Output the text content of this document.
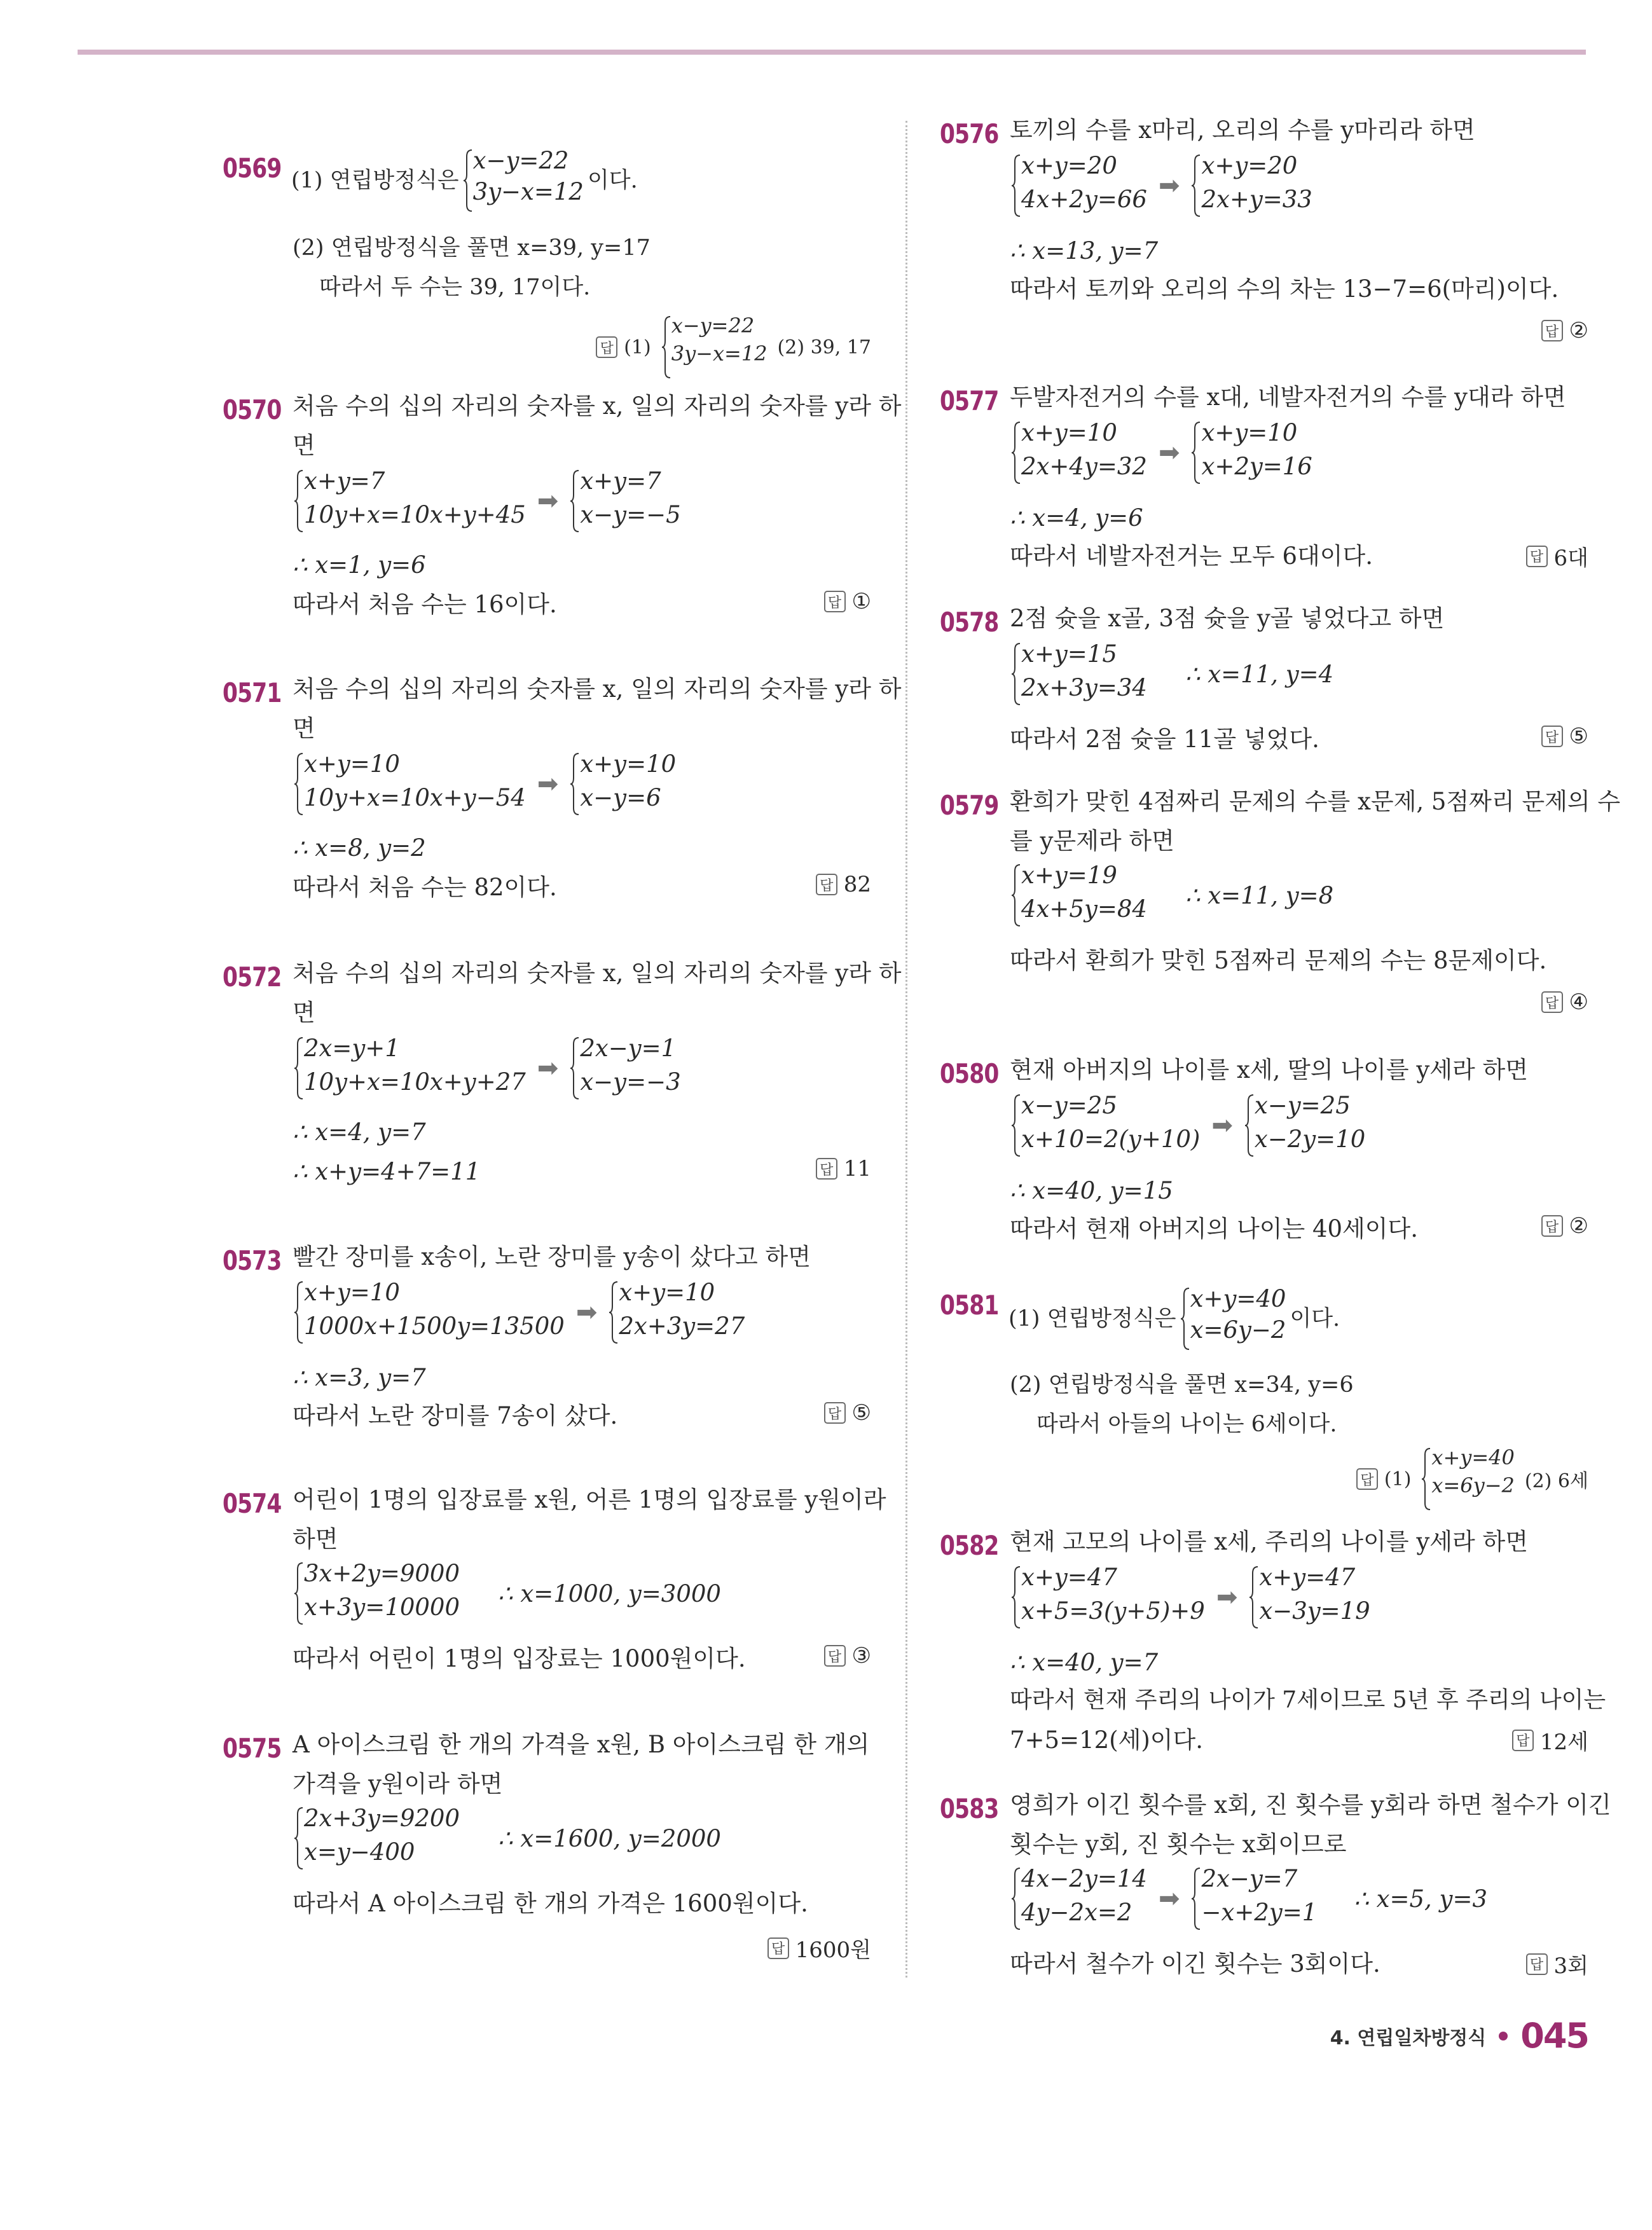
0569 (1) 연립방정식은
x−y=22
3y−x=12 이다.
(2) 연립방정식을 풀면 x=39, y=17
따라서 두 수는 39, 17이다.
답 (1)
x−y=22
3y−x=12 (2) 39, 17
0570 처음 수의 십의 자리의 숫자를 x, 일의 자리의 숫자를 y라 하
면
x+y=7
10y+x=10x+y+45 ➡
x+y=7
x−y=−5
∴ x=1, y=6
따라서 처음 수는 16이다.	답 ①
0571 처음 수의 십의 자리의 숫자를 x, 일의 자리의 숫자를 y라 하
면
x+y=10
10y+x=10x+y−54 ➡
x+y=10
x−y=6
∴ x=8, y=2
따라서 처음 수는 82이다.	답 82
0572 처음 수의 십의 자리의 숫자를 x, 일의 자리의 숫자를 y라 하
면
2x=y+1
10y+x=10x+y+27 ➡
2x−y=1
x−y=−3
∴ x=4, y=7
∴ x+y=4+7=11	답 11
0573 빨간 장미를 x송이, 노란 장미를 y송이 샀다고 하면
x+y=10
1000x+1500y=13500 ➡
x+y=10
2x+3y=27
∴ x=3, y=7
따라서 노란 장미를 7송이 샀다.	답 ⑤
0574 어린이 1명의 입장료를 x원, 어른 1명의 입장료를 y원이라
하면
3x+2y=9000
x+3y=10000 ∴ x=1000, y=3000
따라서 어린이 1명의 입장료는 1000원이다.	답 ③
0575 A 아이스크림 한 개의 가격을 x원, B 아이스크림 한 개의
가격을 y원이라 하면
2x+3y=9200
x=y−400	∴ x=1600, y=2000
따라서 A 아이스크림 한 개의 가격은 1600원이다.
답 1600원
0576 토끼의 수를 x마리, 오리의 수를 y마리라 하면
x+y=20
4x+2y=66 ➡
x+y=20
2x+y=33
∴ x=13, y=7
따라서 토끼와 오리의 수의 차는 13−7=6(마리)이다.
답 ②
0577 두발자전거의 수를 x대, 네발자전거의 수를 y대라 하면
x+y=10
2x+4y=32 ➡
x+y=10
x+2y=16
∴ x=4, y=6
따라서 네발자전거는 모두 6대이다.	답 6대
0578 2점 슛을 x골, 3점 슛을 y골 넣었다고 하면
x+y=15
2x+3y=34 ∴ x=11, y=4
따라서 2점 슛을 11골 넣었다.	답 ⑤
0579 환희가 맞힌 4점짜리 문제의 수를 x문제, 5점짜리 문제의 수
를 y문제라 하면
x+y=19
4x+5y=84 ∴ x=11, y=8
따라서 환희가 맞힌 5점짜리 문제의 수는 8문제이다.
답 ④
0580 현재 아버지의 나이를 x세, 딸의 나이를 y세라 하면
x−y=25
x+10=2(y+10) ➡
x−y=25
x−2y=10
∴ x=40, y=15
따라서 현재 아버지의 나이는 40세이다.	답 ②
0581 (1) 연립방정식은
x+y=40
x=6y−2 이다.
(2) 연립방정식을 풀면 x=34, y=6
따라서 아들의 나이는 6세이다.
답 (1)
x+y=40
x=6y−2 (2) 6세
0582 현재 고모의 나이를 x세, 주리의 나이를 y세라 하면
x+y=47
x+5=3(y+5)+9 ➡
x+y=47
x−3y=19
∴ x=40, y=7
따라서 현재 주리의 나이가 7세이므로 5년 후 주리의 나이는
7+5=12(세)이다.	답 12세
0583 영희가 이긴 횟수를 x회, 진 횟수를 y회라 하면 철수가 이긴
횟수는 y회, 진 횟수는 x회이므로
4x−2y=14
4y−2x=2	➡
2x−y=7
−x+2y=1 ∴ x=5, y=3
따라서 철수가 이긴 횟수는 3회이다.	답 3회
4. 연립일차방정식 045
